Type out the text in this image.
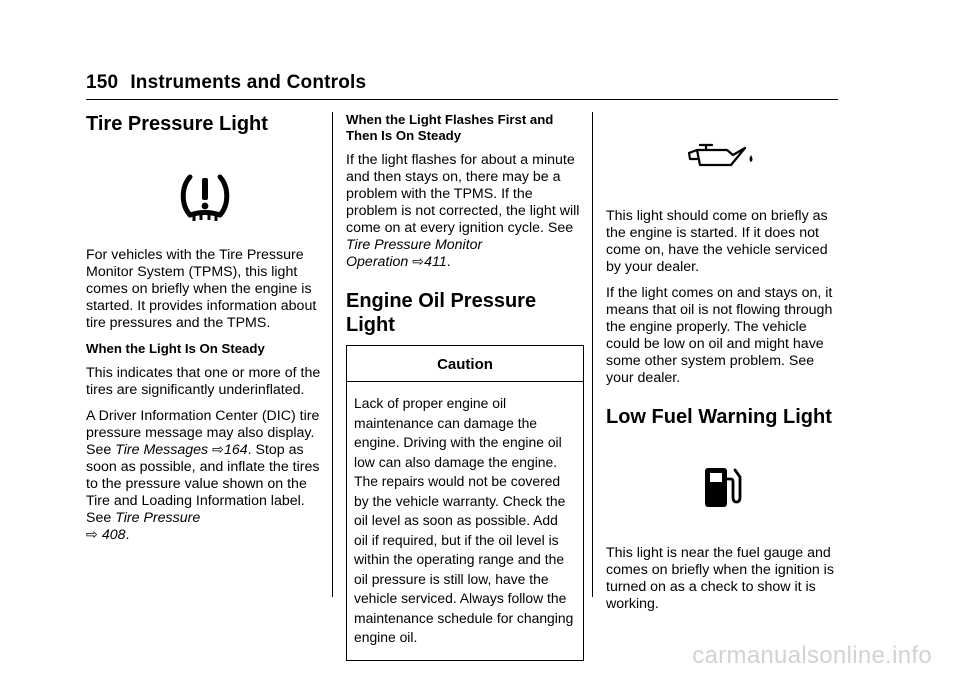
150 Instruments and Controls
Tire Pressure Light

For vehicles with the Tire Pressure Monitor System (TPMS), this light comes on briefly when the engine is started. It provides information about tire pressures and the TPMS.

When the Light Is On Steady

This indicates that one or more of the tires are significantly underinflated.

A Driver Information Center (DIC) tire pressure message may also display. See Tire Messages ⇨164. Stop as soon as possible, and inflate the tires to the pressure value shown on the Tire and Loading Information label. See Tire Pressure
⇨ 408.

When the Light Flashes First and Then Is On Steady

If the light flashes for about a minute and then stays on, there may be a problem with the TPMS. If the problem is not corrected, the light will come on at every ignition cycle. See Tire Pressure Monitor Operation ⇨411.

Engine Oil Pressure Light
Caution
Lack of proper engine oil maintenance can damage the engine. Driving with the engine oil low can also damage the engine. The repairs would not be covered by the vehicle warranty. Check the oil level as soon as possible. Add oil if required, but if the oil level is within the operating range and the oil pressure is still low, have the vehicle serviced. Always follow the maintenance schedule for changing engine oil.

This light should come on briefly as the engine is started. If it does not come on, have the vehicle serviced by your dealer.

If the light comes on and stays on, it means that oil is not flowing through the engine properly. The vehicle could be low on oil and might have some other system problem. See your dealer.

Low Fuel Warning Light

This light is near the fuel gauge and comes on briefly when the ignition is turned on as a check to show it is working.

carmanualsonline.info
